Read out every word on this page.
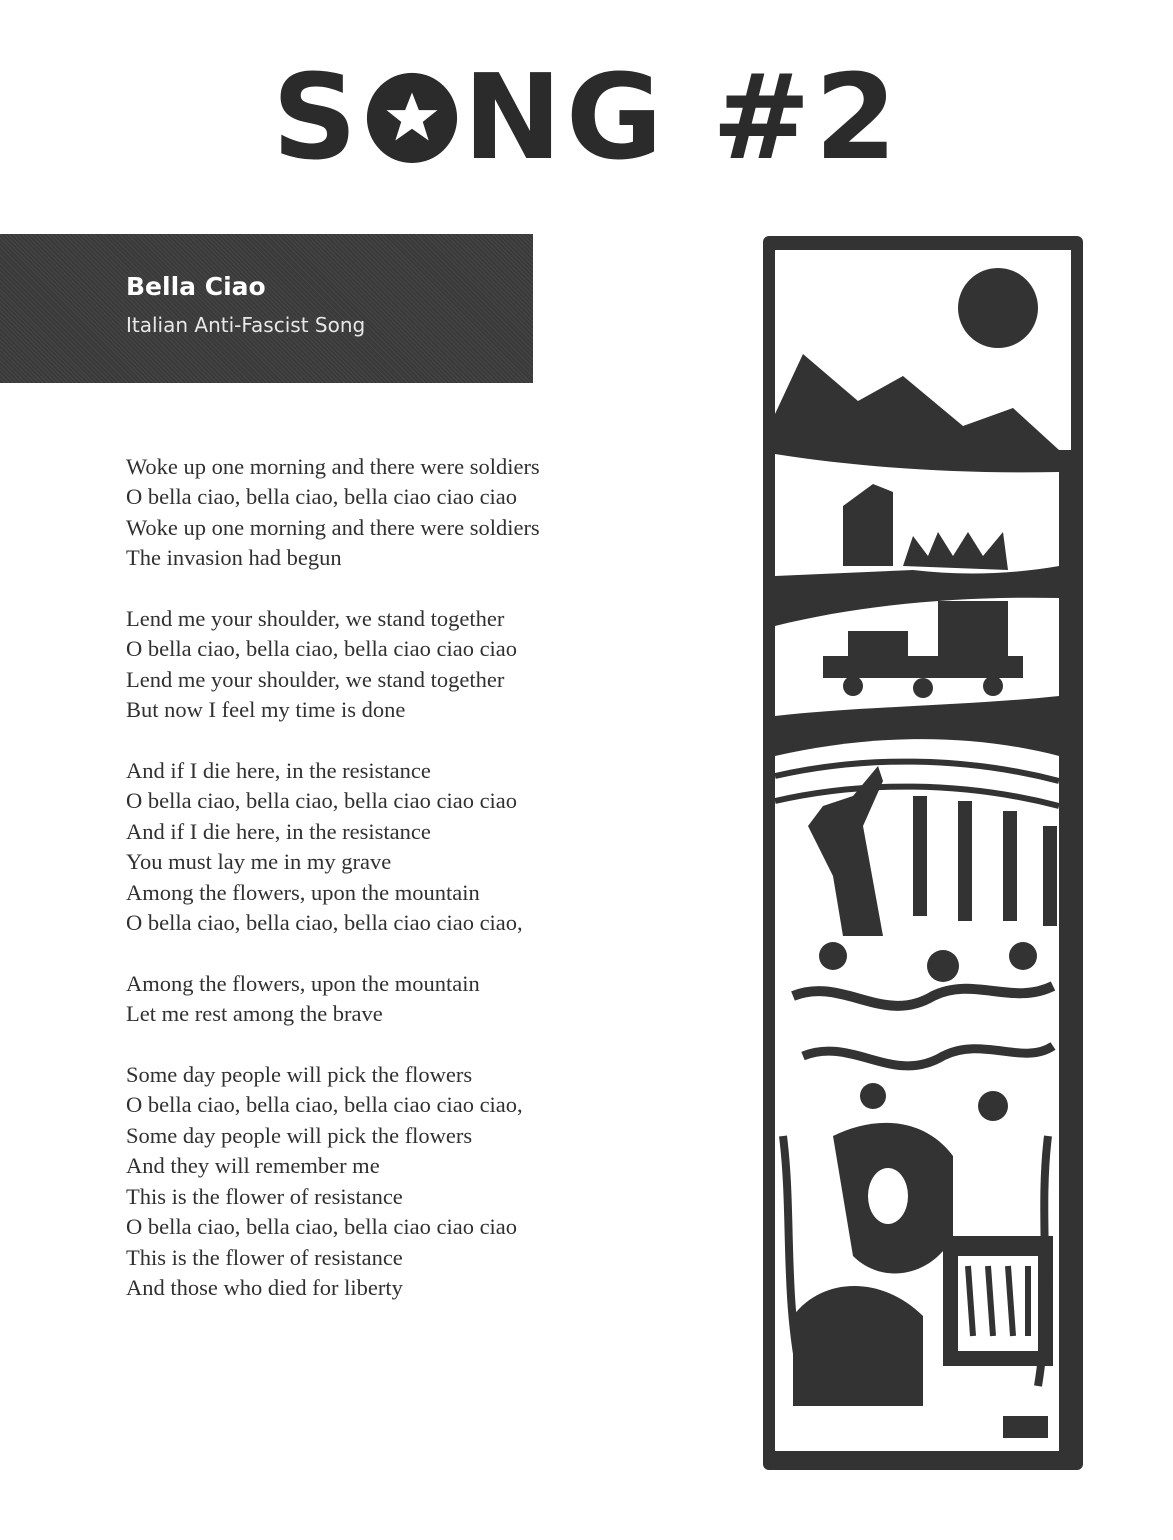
S NG #2
Bella Ciao
Italian Anti-Fascist Song
Woke up one morning and there were soldiers
O bella ciao, bella ciao, bella ciao ciao ciao
Woke up one morning and there were soldiers
The invasion had begun
Lend me your shoulder, we stand together
O bella ciao, bella ciao, bella ciao ciao ciao
Lend me your shoulder, we stand together
But now I feel my time is done
And if I die here, in the resistance
O bella ciao, bella ciao, bella ciao ciao ciao
And if I die here, in the resistance
You must lay me in my grave
Among the flowers, upon the mountain
O bella ciao, bella ciao, bella ciao ciao ciao,
Among the flowers, upon the mountain
Let me rest among the brave
Some day people will pick the flowers
O bella ciao, bella ciao, bella ciao ciao ciao,
Some day people will pick the flowers
And they will remember me
This is the flower of resistance
O bella ciao, bella ciao, bella ciao ciao ciao
This is the flower of resistance
And those who died for liberty
